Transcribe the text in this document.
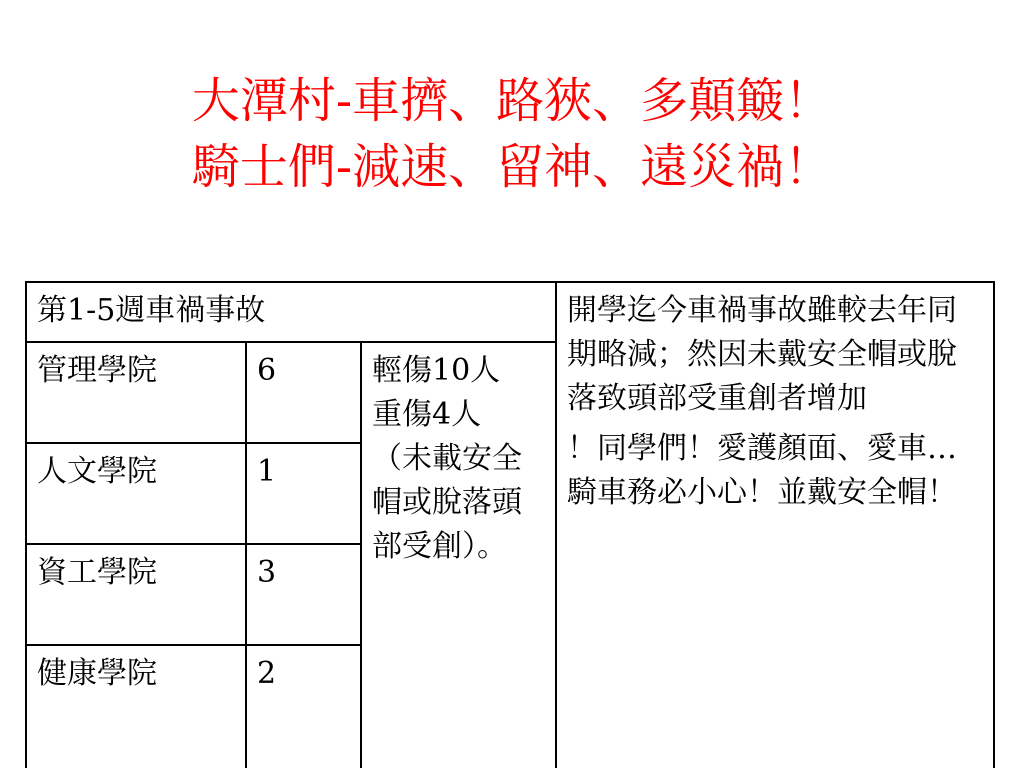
大潭村-車擠、路狹、多顛簸！
騎士們-減速、留神、遠災禍！
第1-5週車禍事故			開學迄今車禍事故雖較去年同期略減；然因未戴安全帽或脫落致頭部受重創者增加

！同學們！愛護顏面、愛車…騎車務必小心！並戴安全帽！

管理學院	6	輕傷10人
重傷4人
（未載安全帽或脫落頭部受創）。	

人文學院	1		
資工學院	3		
健康學院	2		
